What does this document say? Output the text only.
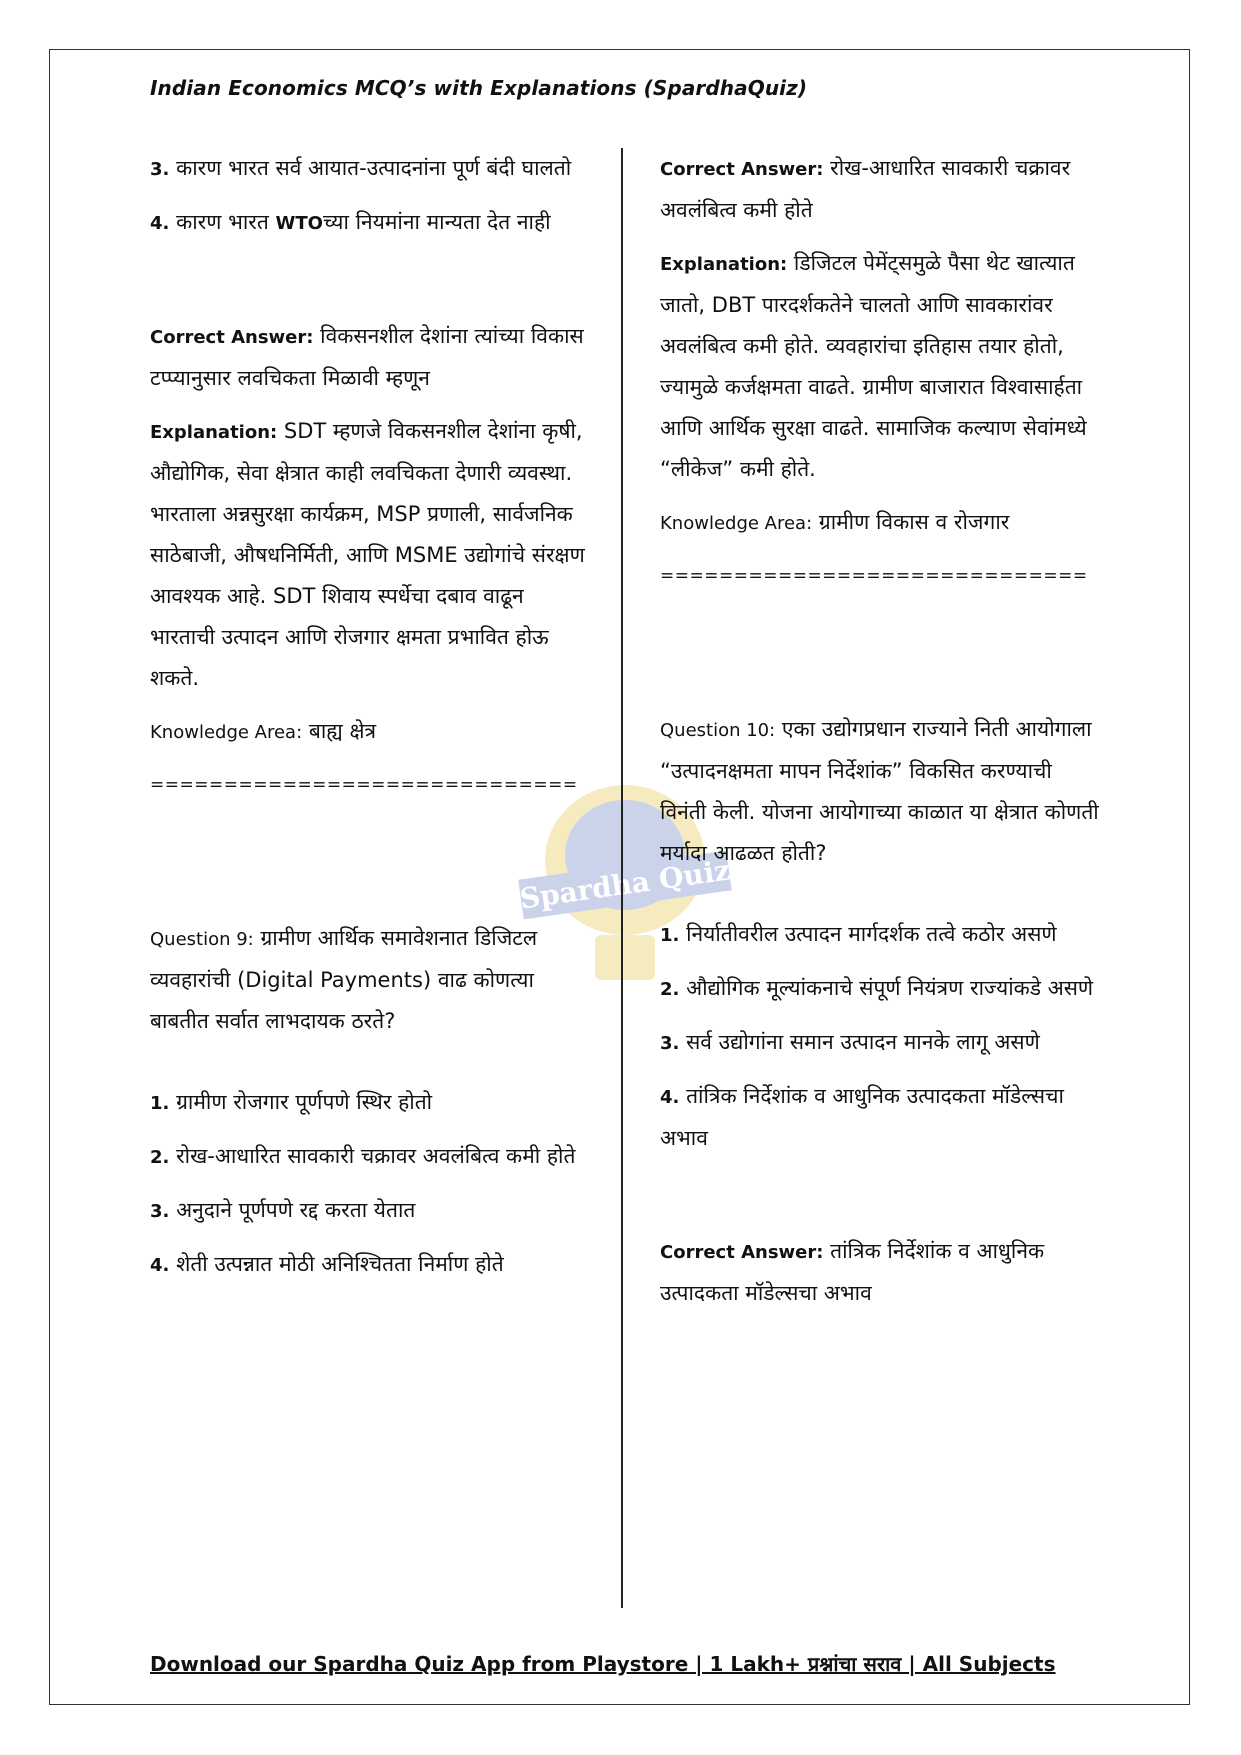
Indian Economics MCQ’s with Explanations (SpardhaQuiz)
Spardha Quiz

3. कारण भारत सर्व आयात-उत्पादनांना पूर्ण बंदी घालतो

4. कारण भारत WTOच्या नियमांना मान्यता देत नाही

Correct Answer: विकसनशील देशांना त्यांच्या विकास टप्प्यानुसार लवचिकता मिळावी म्हणून

Explanation: SDT म्हणजे विकसनशील देशांना कृषी, औद्योगिक, सेवा क्षेत्रात काही लवचिकता देणारी व्यवस्था. भारताला अन्नसुरक्षा कार्यक्रम, MSP प्रणाली, सार्वजनिक साठेबाजी, औषधनिर्मिती, आणि MSME उद्योगांचे संरक्षण आवश्यक आहे. SDT शिवाय स्पर्धेचा दबाव वाढून भारताची उत्पादन आणि रोजगार क्षमता प्रभावित होऊ शकते.

Knowledge Area: बाह्य क्षेत्र

=============================

Question 9: ग्रामीण आर्थिक समावेशनात डिजिटल व्यवहारांची (Digital Payments) वाढ कोणत्या बाबतीत सर्वात लाभदायक ठरते?

1. ग्रामीण रोजगार पूर्णपणे स्थिर होतो

2. रोख-आधारित सावकारी चक्रावर अवलंबित्व कमी होते

3. अनुदाने पूर्णपणे रद्द करता येतात

4. शेती उत्पन्नात मोठी अनिश्चितता निर्माण होते

Correct Answer: रोख-आधारित सावकारी चक्रावर अवलंबित्व कमी होते

Explanation: डिजिटल पेमेंट्समुळे पैसा थेट खात्यात जातो, DBT पारदर्शकतेने चालतो आणि सावकारांवर अवलंबित्व कमी होते. व्यवहारांचा इतिहास तयार होतो, ज्यामुळे कर्जक्षमता वाढते. ग्रामीण बाजारात विश्वासार्हता आणि आर्थिक सुरक्षा वाढते. सामाजिक कल्याण सेवांमध्ये “लीकेज” कमी होते.

Knowledge Area: ग्रामीण विकास व रोजगार

=============================

Question 10: एका उद्योगप्रधान राज्याने निती आयोगाला “उत्पादनक्षमता मापन निर्देशांक” विकसित करण्याची विनंती केली. योजना आयोगाच्या काळात या क्षेत्रात कोणती मर्यादा आढळत होती?

1. निर्यातीवरील उत्पादन मार्गदर्शक तत्वे कठोर असणे

2. औद्योगिक मूल्यांकनाचे संपूर्ण नियंत्रण राज्यांकडे असणे

3. सर्व उद्योगांना समान उत्पादन मानके लागू असणे

4. तांत्रिक निर्देशांक व आधुनिक उत्पादकता मॉडेल्सचा अभाव

Correct Answer: तांत्रिक निर्देशांक व आधुनिक उत्पादकता मॉडेल्सचा अभाव

Download our Spardha Quiz App from Playstore | 1 Lakh+ प्रश्नांचा सराव | All Subjects
